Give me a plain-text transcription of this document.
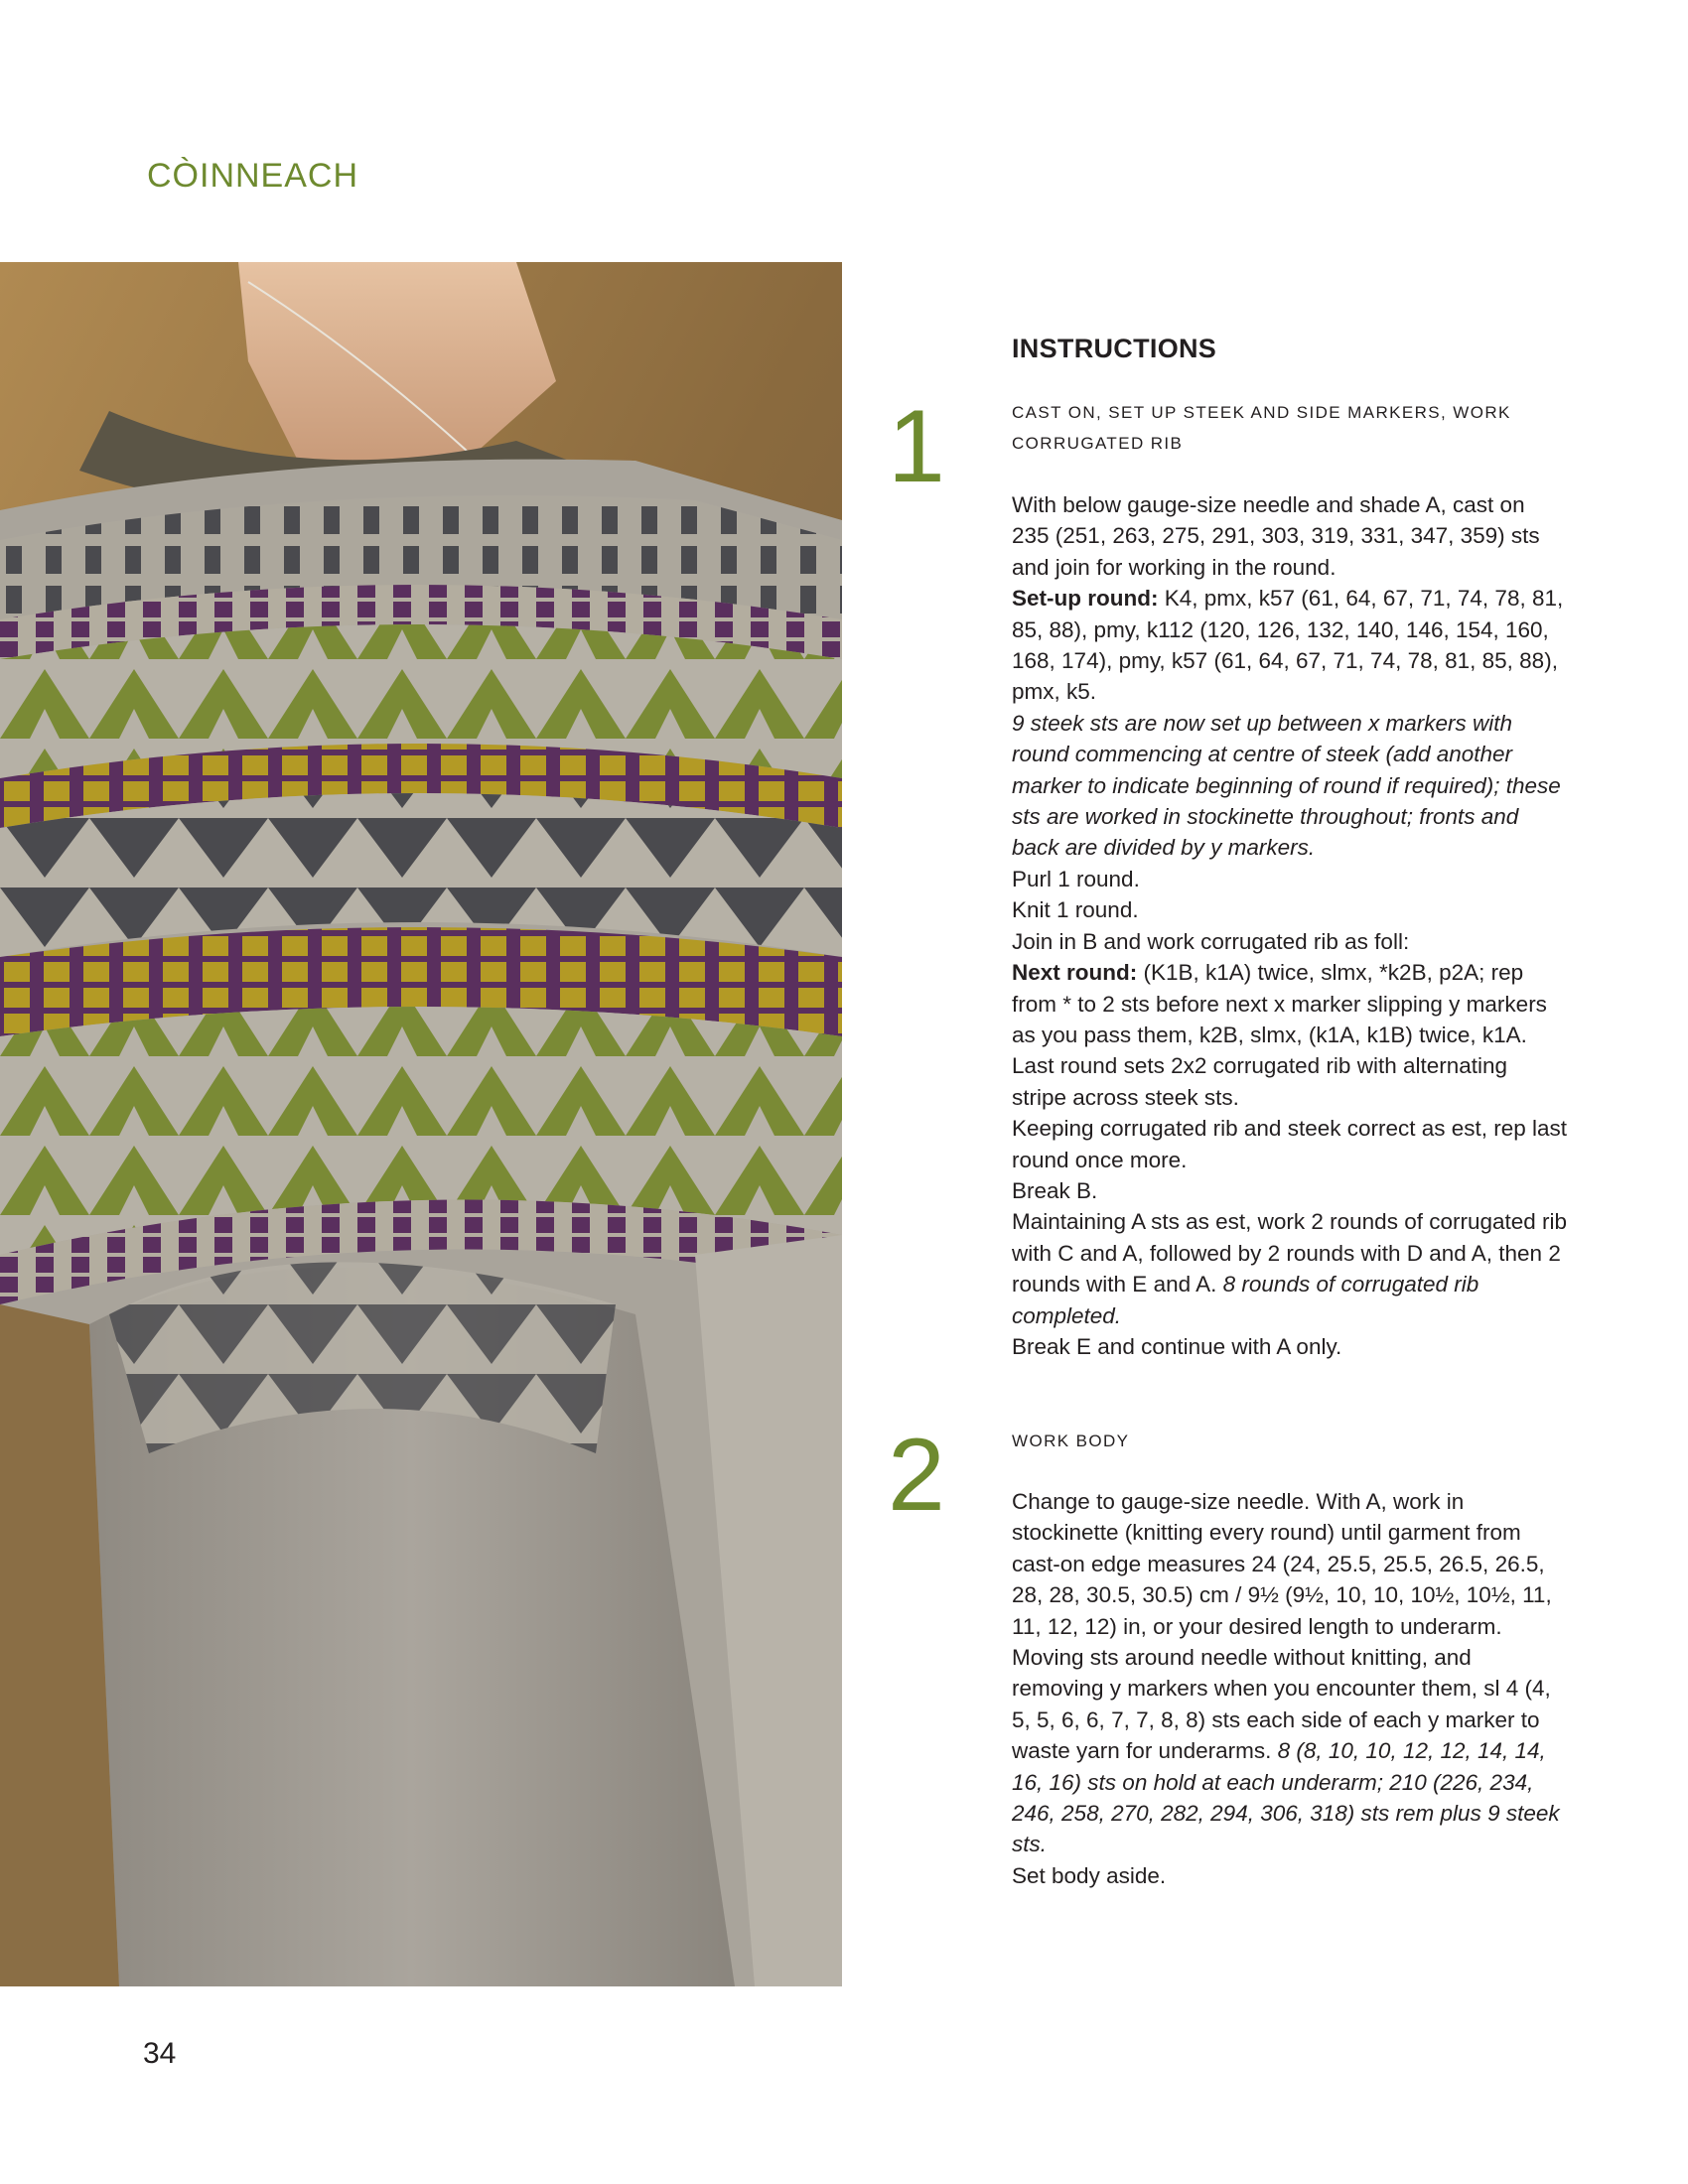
CÒINNEACH
INSTRUCTIONS
1	CAST ON, SET UP STEEK AND SIDE MARKERS, WORK CORRUGATED RIB

With below gauge-size needle and shade A, cast on 235 (251, 263, 275, 291, 303, 319, 331, 347, 359) sts and join for working in the round.

Set-up round: K4, pmx, k57 (61, 64, 67, 71, 74, 78, 81, 85, 88), pmy, k112 (120, 126, 132, 140, 146, 154, 160, 168, 174), pmy, k57 (61, 64, 67, 71, 74, 78, 81, 85, 88), pmx, k5.

9 steek sts are now set up between x markers with round commencing at centre of steek (add another marker to indicate beginning of round if required); these sts are worked in stockinette throughout; fronts and back are divided by y markers.

Purl 1 round.

Knit 1 round.

Join in B and work corrugated rib as foll:

Next round: (K1B, k1A) twice, slmx, *k2B, p2A; rep from * to 2 sts before next x marker slipping y markers as you pass them, k2B, slmx, (k1A, k1B) twice, k1A.

Last round sets 2x2 corrugated rib with alternating stripe across steek sts.

Keeping corrugated rib and steek correct as est, rep last round once more.

Break B.

Maintaining A sts as est, work 2 rounds of corrugated rib with C and A, followed by 2 rounds with D and A, then 2 rounds with E and A. 8 rounds of corrugated rib completed.

Break E and continue with A only.

2	WORK BODY

Change to gauge-size needle. With A, work in stockinette (knitting every round) until garment from cast-on edge measures 24 (24, 25.5, 25.5, 26.5, 26.5, 28, 28, 30.5, 30.5) cm / 9½ (9½, 10, 10, 10½, 10½, 11, 11, 12, 12) in, or your desired length to underarm.

Moving sts around needle without knitting, and removing y markers when you encounter them, sl 4 (4, 5, 5, 6, 6, 7, 7, 8, 8) sts each side of each y marker to waste yarn for underarms. 8 (8, 10, 10, 12, 12, 14, 14, 16, 16) sts on hold at each underarm; 210 (226, 234, 246, 258, 270, 282, 294, 306, 318) sts rem plus 9 steek sts.

Set body aside.

34
